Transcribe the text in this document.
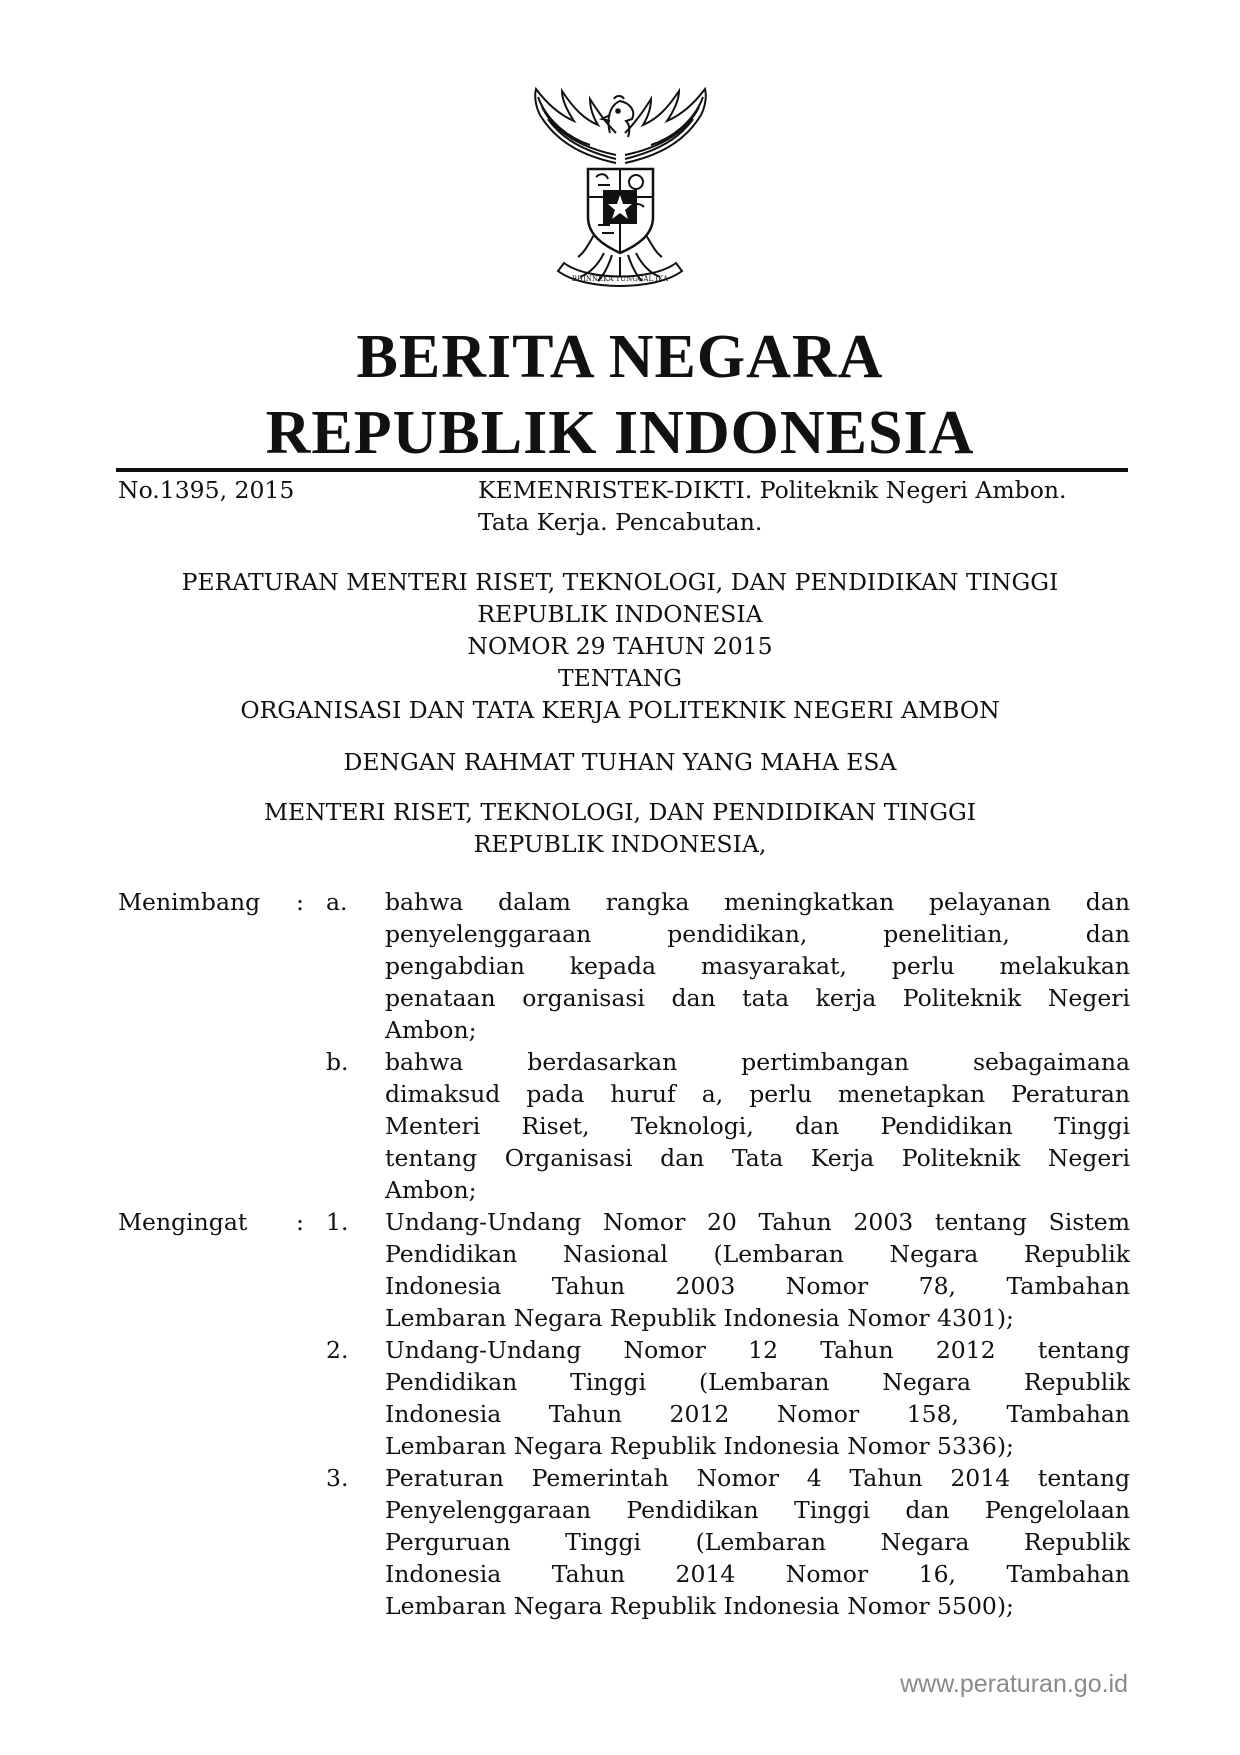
BHINNEKA TUNGGAL IKA
BERITA NEGARA
REPUBLIK INDONESIA
No.1395, 2015	KEMENRISTEK-DIKTI. Politeknik Negeri Ambon.
Tata Kerja. Pencabutan.
PERATURAN MENTERI RISET, TEKNOLOGI, DAN PENDIDIKAN TINGGI
REPUBLIK INDONESIA
NOMOR 29 TAHUN 2015
TENTANG
ORGANISASI DAN TATA KERJA POLITEKNIK NEGERI AMBON
DENGAN RAHMAT TUHAN YANG MAHA ESA
MENTERI RISET, TEKNOLOGI, DAN PENDIDIKAN TINGGI
REPUBLIK INDONESIA,
Menimbang : a. bahwa dalam rangka meningkatkan pelayanan dan
penyelenggaraan pendidikan, penelitian, dan
pengabdian kepada masyarakat, perlu melakukan
penataan organisasi dan tata kerja Politeknik Negeri
Ambon;
b. bahwa berdasarkan pertimbangan sebagaimana
dimaksud pada huruf a, perlu menetapkan Peraturan
Menteri Riset, Teknologi, dan Pendidikan Tinggi
tentang Organisasi dan Tata Kerja Politeknik Negeri
Ambon;
Mengingat : 1. Undang-Undang Nomor 20 Tahun 2003 tentang Sistem
Pendidikan Nasional (Lembaran Negara Republik
Indonesia Tahun 2003 Nomor 78, Tambahan
Lembaran Negara Republik Indonesia Nomor 4301);
2. Undang-Undang Nomor 12 Tahun 2012 tentang
Pendidikan Tinggi (Lembaran Negara Republik
Indonesia Tahun 2012 Nomor 158, Tambahan
Lembaran Negara Republik Indonesia Nomor 5336);
3. Peraturan Pemerintah Nomor 4 Tahun 2014 tentang
Penyelenggaraan Pendidikan Tinggi dan Pengelolaan
Perguruan Tinggi (Lembaran Negara Republik
Indonesia Tahun 2014 Nomor 16, Tambahan
Lembaran Negara Republik Indonesia Nomor 5500);
www.peraturan.go.id
